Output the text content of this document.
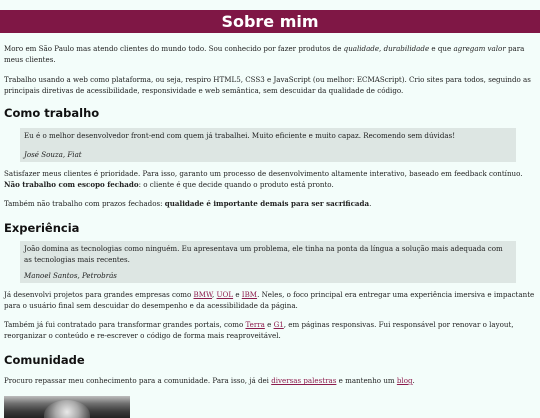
Sobre mim

Moro em São Paulo mas atendo clientes do mundo todo. Sou conhecido por fazer produtos de qualidade, durabilidade e que agregam valor para meus clientes.

Trabalho usando a web como plataforma, ou seja, respiro HTML5, CSS3 e JavaScript (ou melhor: ECMAScript). Crio sites para todos, seguindo as principais diretivas de acessibilidade, responsividade e web semântica, sem descuidar da qualidade de código.

Como trabalho

Eu é o melhor desenvolvedor front-end com quem já trabalhei. Muito eficiente e muito capaz. Recomendo sem dúvidas!

José Souza, Fiat

Satisfazer meus clientes é prioridade. Para isso, garanto um processo de desenvolvimento altamente interativo, baseado em feedback contínuo. Não trabalho com escopo fechado: o cliente é que decide quando o produto está pronto.

Também não trabalho com prazos fechados: qualidade é importante demais para ser sacrificada.

Experiência

João domina as tecnologias como ninguém. Eu apresentava um problema, ele tinha na ponta da língua a solução mais adequada com as tecnologias mais recentes.

Manoel Santos, Petrobrás

Já desenvolvi projetos para grandes empresas como BMW, UOL e IBM. Neles, o foco principal era entregar uma experiência imersiva e impactante para o usuário final sem descuidar do desempenho e da acessibilidade da página.

Também já fui contratado para transformar grandes portais, como Terra e G1, em páginas responsivas. Fui responsável por renovar o layout, reorganizar o conteúdo e re-escrever o código de forma mais reaproveitável.

Comunidade

Procuro repassar meu conhecimento para a comunidade. Para isso, já dei diversas palestras e mantenho um blog.
